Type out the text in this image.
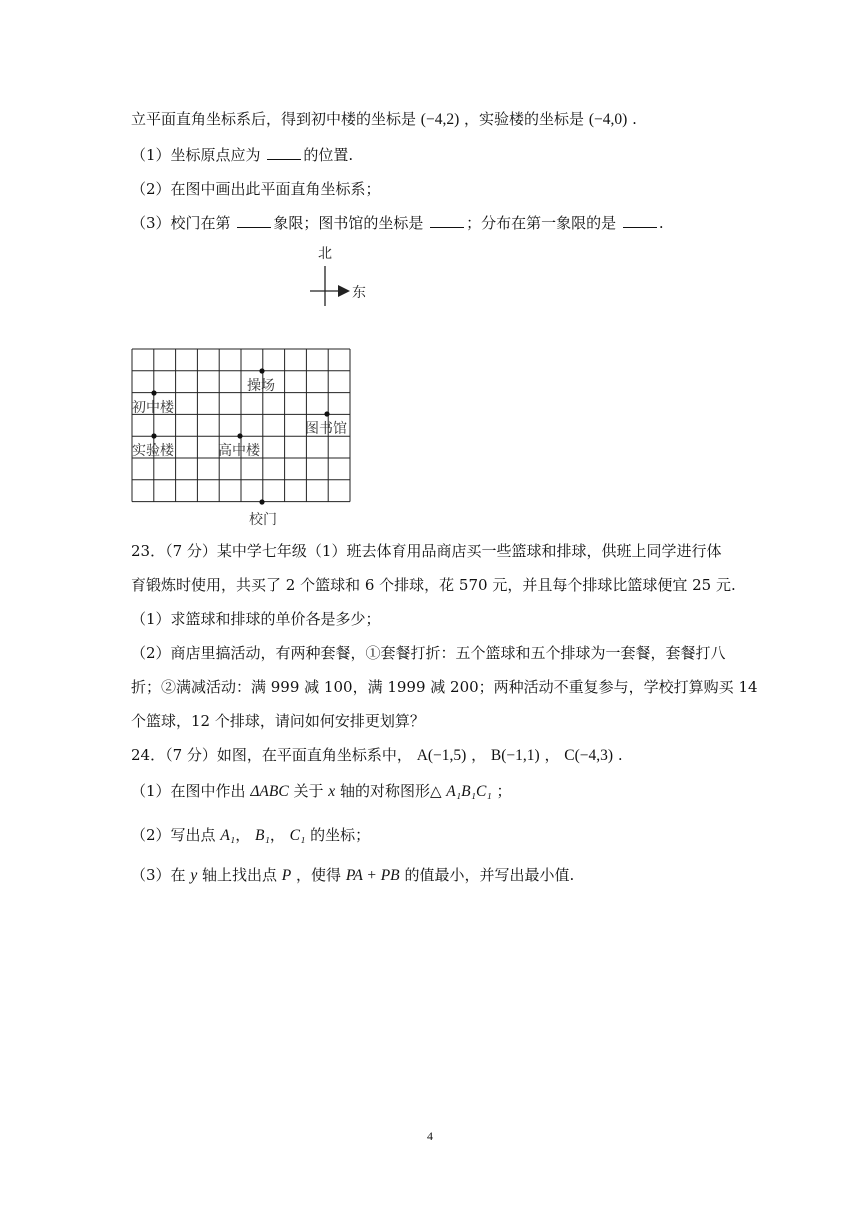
立平面直角坐标系后，得到初中楼的坐标是 (−4,2) ，实验楼的坐标是 (−4,0) .
（1）坐标原点应为	的位置.
（2）在图中画出此平面直角坐标系；
（3）校门在第	象限；图书馆的坐标是	；分布在第一象限的是	.
北
东
操场
初中楼
图书馆
实验楼	高中楼
校门
23．（7 分）某中学七年级（1）班去体育用品商店买一些篮球和排球，供班上同学进行体
育锻炼时使用，共买了 2 个篮球和 6 个排球，花 570 元，并且每个排球比篮球便宜 25 元.
（1）求篮球和排球的单价各是多少；
（2）商店里搞活动，有两种套餐，①套餐打折：五个篮球和五个排球为一套餐，套餐打八
折；②满减活动：满 999 减 100，满 1999 减 200；两种活动不重复参与，学校打算购买 14
个篮球，12 个排球，请问如何安排更划算？
24．（7 分）如图，在平面直角坐标系中， A(−1,5) ， B(−1,1) ， C(−4,3) .
（1）在图中作出 ΔABC 关于 x 轴的对称图形△ A₁B₁C₁ ；
（2）写出点 A₁， B₁， C₁ 的坐标；
（3）在 y 轴上找出点 P ，使得 PA + PB 的值最小，并写出最小值.
4
